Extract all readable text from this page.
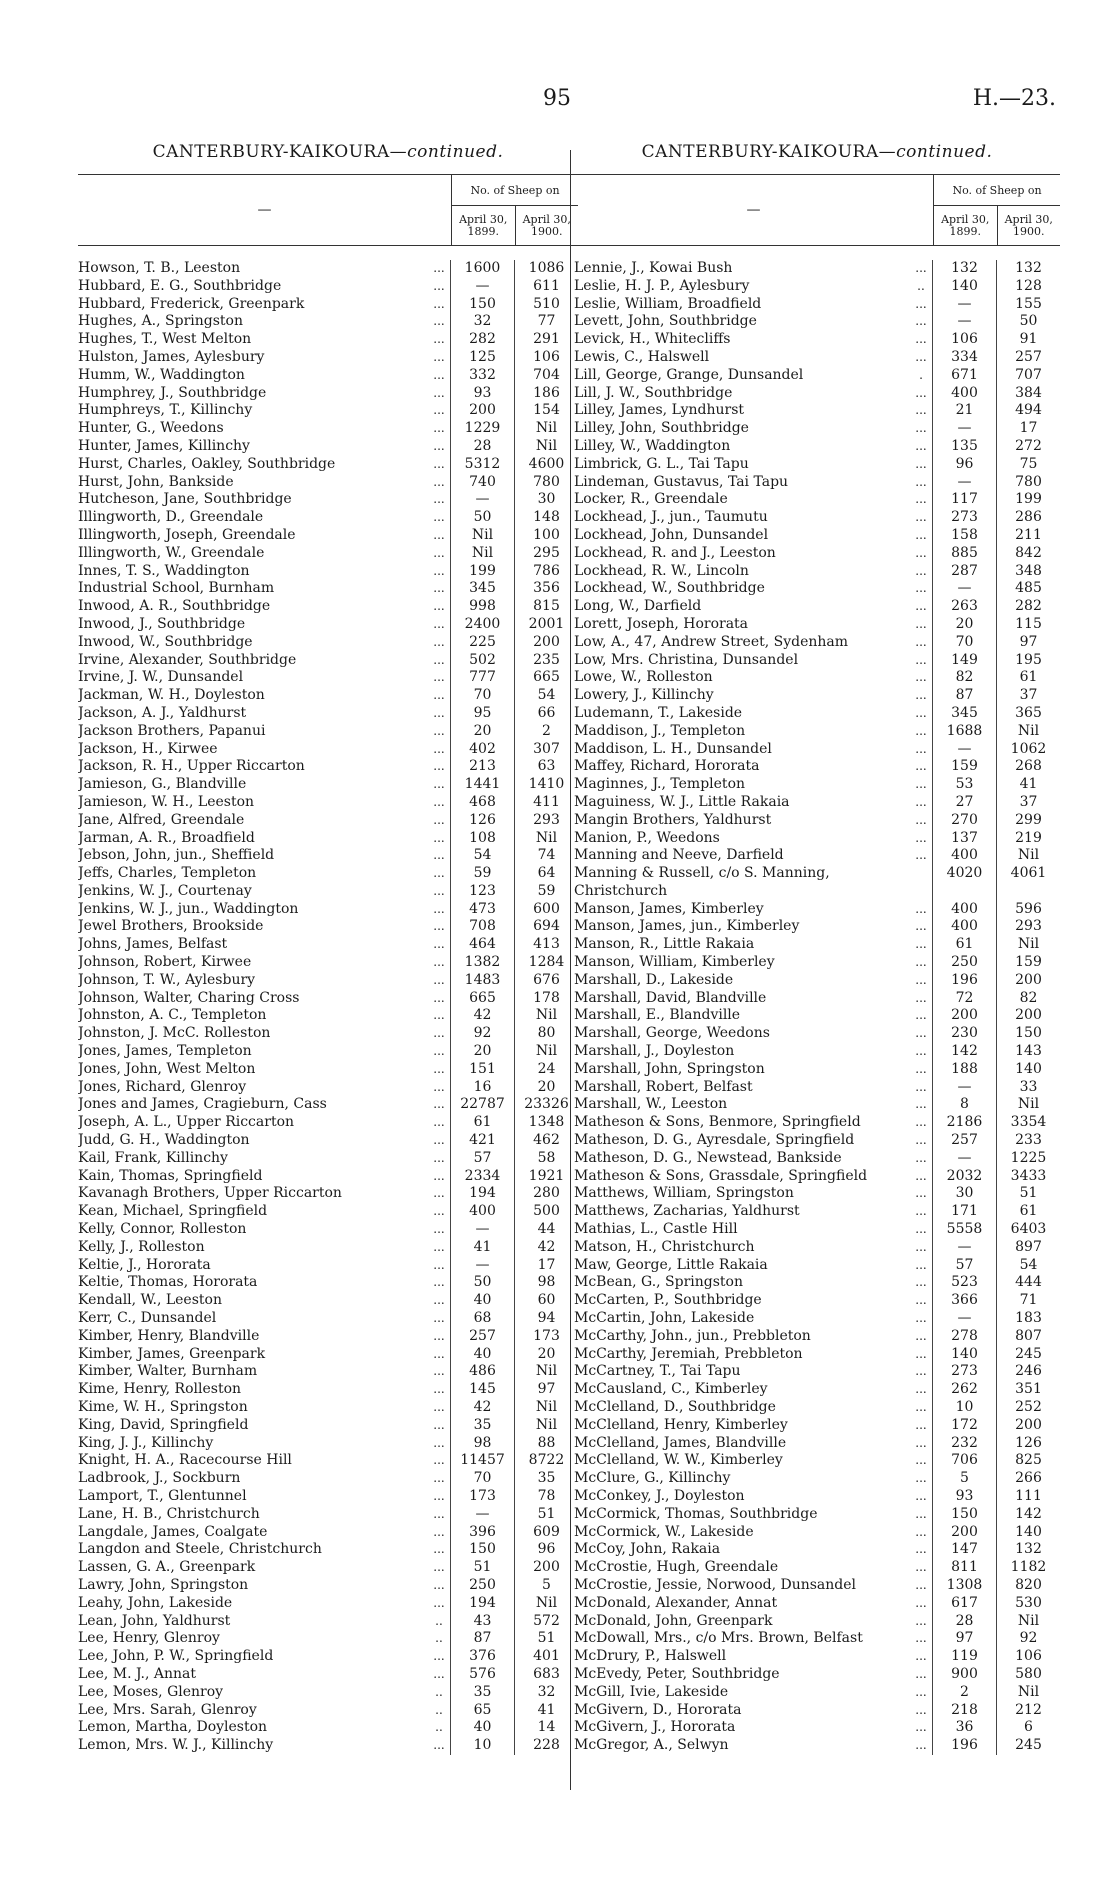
95	H.—23.
CANTERBURY-KAIKOURA—continued.
—
No. of Sheep on
April 30, 1899.
April 30, 1900.
Howson, T. B., Leeston	...	1600	1086
Hubbard, E. G., Southbridge	...	—	611
Hubbard, Frederick, Greenpark	...	150	510
Hughes, A., Springston	...	32	77
Hughes, T., West Melton	...	282	291
Hulston, James, Aylesbury	...	125	106
Humm, W., Waddington	...	332	704
Humphrey, J., Southbridge	...	93	186
Humphreys, T., Killinchy	...	200	154
Hunter, G., Weedons	...	1229	Nil
Hunter, James, Killinchy	...	28	Nil
Hurst, Charles, Oakley, Southbridge	...	5312	4600
Hurst, John, Bankside	...	740	780
Hutcheson, Jane, Southbridge	...	—	30
Illingworth, D., Greendale	...	50	148
Illingworth, Joseph, Greendale	...	Nil	100
Illingworth, W., Greendale	...	Nil	295
Innes, T. S., Waddington	...	199	786
Industrial School, Burnham	...	345	356
Inwood, A. R., Southbridge	...	998	815
Inwood, J., Southbridge	...	2400	2001
Inwood, W., Southbridge	...	225	200
Irvine, Alexander, Southbridge	...	502	235
Irvine, J. W., Dunsandel	...	777	665
Jackman, W. H., Doyleston	...	70	54
Jackson, A. J., Yaldhurst	...	95	66
Jackson Brothers, Papanui	...	20	2
Jackson, H., Kirwee	...	402	307
Jackson, R. H., Upper Riccarton	...	213	63
Jamieson, G., Blandville	...	1441	1410
Jamieson, W. H., Leeston	...	468	411
Jane, Alfred, Greendale	...	126	293
Jarman, A. R., Broadfield	...	108	Nil
Jebson, John, jun., Sheffield	...	54	74
Jeffs, Charles, Templeton	...	59	64
Jenkins, W. J., Courtenay	...	123	59
Jenkins, W. J., jun., Waddington	...	473	600
Jewel Brothers, Brookside	...	708	694
Johns, James, Belfast	...	464	413
Johnson, Robert, Kirwee	...	1382	1284
Johnson, T. W., Aylesbury	...	1483	676
Johnson, Walter, Charing Cross	...	665	178
Johnston, A. C., Templeton	...	42	Nil
Johnston, J. McC. Rolleston	...	92	80
Jones, James, Templeton	...	20	Nil
Jones, John, West Melton	...	151	24
Jones, Richard, Glenroy	...	16	20
Jones and James, Cragieburn, Cass	...	22787	23326
Joseph, A. L., Upper Riccarton	...	61	1348
Judd, G. H., Waddington	...	421	462
Kail, Frank, Killinchy	...	57	58
Kain, Thomas, Springfield	...	2334	1921
Kavanagh Brothers, Upper Riccarton	...	194	280
Kean, Michael, Springfield	...	400	500
Kelly, Connor, Rolleston	...	—	44
Kelly, J., Rolleston	...	41	42
Keltie, J., Hororata	...	—	17
Keltie, Thomas, Hororata	...	50	98
Kendall, W., Leeston	...	40	60
Kerr, C., Dunsandel	...	68	94
Kimber, Henry, Blandville	...	257	173
Kimber, James, Greenpark	...	40	20
Kimber, Walter, Burnham	...	486	Nil
Kime, Henry, Rolleston	...	145	97
Kime, W. H., Springston	...	42	Nil
King, David, Springfield	...	35	Nil
King, J. J., Killinchy	...	98	88
Knight, H. A., Racecourse Hill	...	11457	8722
Ladbrook, J., Sockburn	...	70	35
Lamport, T., Glentunnel	...	173	78
Lane, H. B., Christchurch	...	—	51
Langdale, James, Coalgate	...	396	609
Langdon and Steele, Christchurch	...	150	96
Lassen, G. A., Greenpark	...	51	200
Lawry, John, Springston	...	250	5
Leahy, John, Lakeside	...	194	Nil
Lean, John, Yaldhurst	..	43	572
Lee, Henry, Glenroy	..	87	51
Lee, John, P. W., Springfield	...	376	401
Lee, M. J., Annat	...	576	683
Lee, Moses, Glenroy	..	35	32
Lee, Mrs. Sarah, Glenroy	..	65	41
Lemon, Martha, Doyleston	..	40	14
Lemon, Mrs. W. J., Killinchy	...	10	228
CANTERBURY-KAIKOURA—continued.
—
No. of Sheep on
April 30, 1899.
April 30, 1900.
Lennie, J., Kowai Bush	...	132	132
Leslie, H. J. P., Aylesbury	..	140	128
Leslie, William, Broadfield	...	—	155
Levett, John, Southbridge	...	—	50
Levick, H., Whitecliffs	...	106	91
Lewis, C., Halswell	...	334	257
Lill, George, Grange, Dunsandel	.	671	707
Lill, J. W., Southbridge	...	400	384
Lilley, James, Lyndhurst	...	21	494
Lilley, John, Southbridge	...	—	17
Lilley, W., Waddington	...	135	272
Limbrick, G. L., Tai Tapu	...	96	75
Lindeman, Gustavus, Tai Tapu	...	—	780
Locker, R., Greendale	...	117	199
Lockhead, J., jun., Taumutu	...	273	286
Lockhead, John, Dunsandel	...	158	211
Lockhead, R. and J., Leeston	...	885	842
Lockhead, R. W., Lincoln	...	287	348
Lockhead, W., Southbridge	...	—	485
Long, W., Darfield	...	263	282
Lorett, Joseph, Hororata	...	20	115
Low, A., 47, Andrew Street, Sydenham	...	70	97
Low, Mrs. Christina, Dunsandel	...	149	195
Lowe, W., Rolleston	...	82	61
Lowery, J., Killinchy	...	87	37
Ludemann, T., Lakeside	...	345	365
Maddison, J., Templeton	...	1688	Nil
Maddison, L. H., Dunsandel	...	—	1062
Maffey, Richard, Hororata	...	159	268
Maginnes, J., Templeton	...	53	41
Maguiness, W. J., Little Rakaia	...	27	37
Mangin Brothers, Yaldhurst	...	270	299
Manion, P., Weedons	...	137	219
Manning and Neeve, Darfield	...	400	Nil
Manning & Russell, c/o S. Manning, Christchurch
4020	4061
Manson, James, Kimberley	...	400	596
Manson, James, jun., Kimberley	...	400	293
Manson, R., Little Rakaia	...	61	Nil
Manson, William, Kimberley	...	250	159
Marshall, D., Lakeside	...	196	200
Marshall, David, Blandville	...	72	82
Marshall, E., Blandville	...	200	200
Marshall, George, Weedons	...	230	150
Marshall, J., Doyleston	...	142	143
Marshall, John, Springston	...	188	140
Marshall, Robert, Belfast	...	—	33
Marshall, W., Leeston	...	8	Nil
Matheson & Sons, Benmore, Springfield	...	2186	3354
Matheson, D. G., Ayresdale, Springfield	...	257	233
Matheson, D. G., Newstead, Bankside	...	—	1225
Matheson & Sons, Grassdale, Springfield	...	2032	3433
Matthews, William, Springston	...	30	51
Matthews, Zacharias, Yaldhurst	...	171	61
Mathias, L., Castle Hill	...	5558	6403
Matson, H., Christchurch	...	—	897
Maw, George, Little Rakaia	...	57	54
McBean, G., Springston	...	523	444
McCarten, P., Southbridge	...	366	71
McCartin, John, Lakeside	...	—	183
McCarthy, John., jun., Prebbleton	...	278	807
McCarthy, Jeremiah, Prebbleton	...	140	245
McCartney, T., Tai Tapu	...	273	246
McCausland, C., Kimberley	...	262	351
McClelland, D., Southbridge	...	10	252
McClelland, Henry, Kimberley	...	172	200
McClelland, James, Blandville	...	232	126
McClelland, W. W., Kimberley	...	706	825
McClure, G., Killinchy	...	5	266
McConkey, J., Doyleston	...	93	111
McCormick, Thomas, Southbridge	...	150	142
McCormick, W., Lakeside	...	200	140
McCoy, John, Rakaia	...	147	132
McCrostie, Hugh, Greendale	...	811	1182
McCrostie, Jessie, Norwood, Dunsandel	...	1308	820
McDonald, Alexander, Annat	...	617	530
McDonald, John, Greenpark	...	28	Nil
McDowall, Mrs., c/o Mrs. Brown, Belfast	...	97	92
McDrury, P., Halswell	...	119	106
McEvedy, Peter, Southbridge	...	900	580
McGill, Ivie, Lakeside	...	2	Nil
McGivern, D., Hororata	...	218	212
McGivern, J., Hororata	...	36	6
McGregor, A., Selwyn	...	196	245
